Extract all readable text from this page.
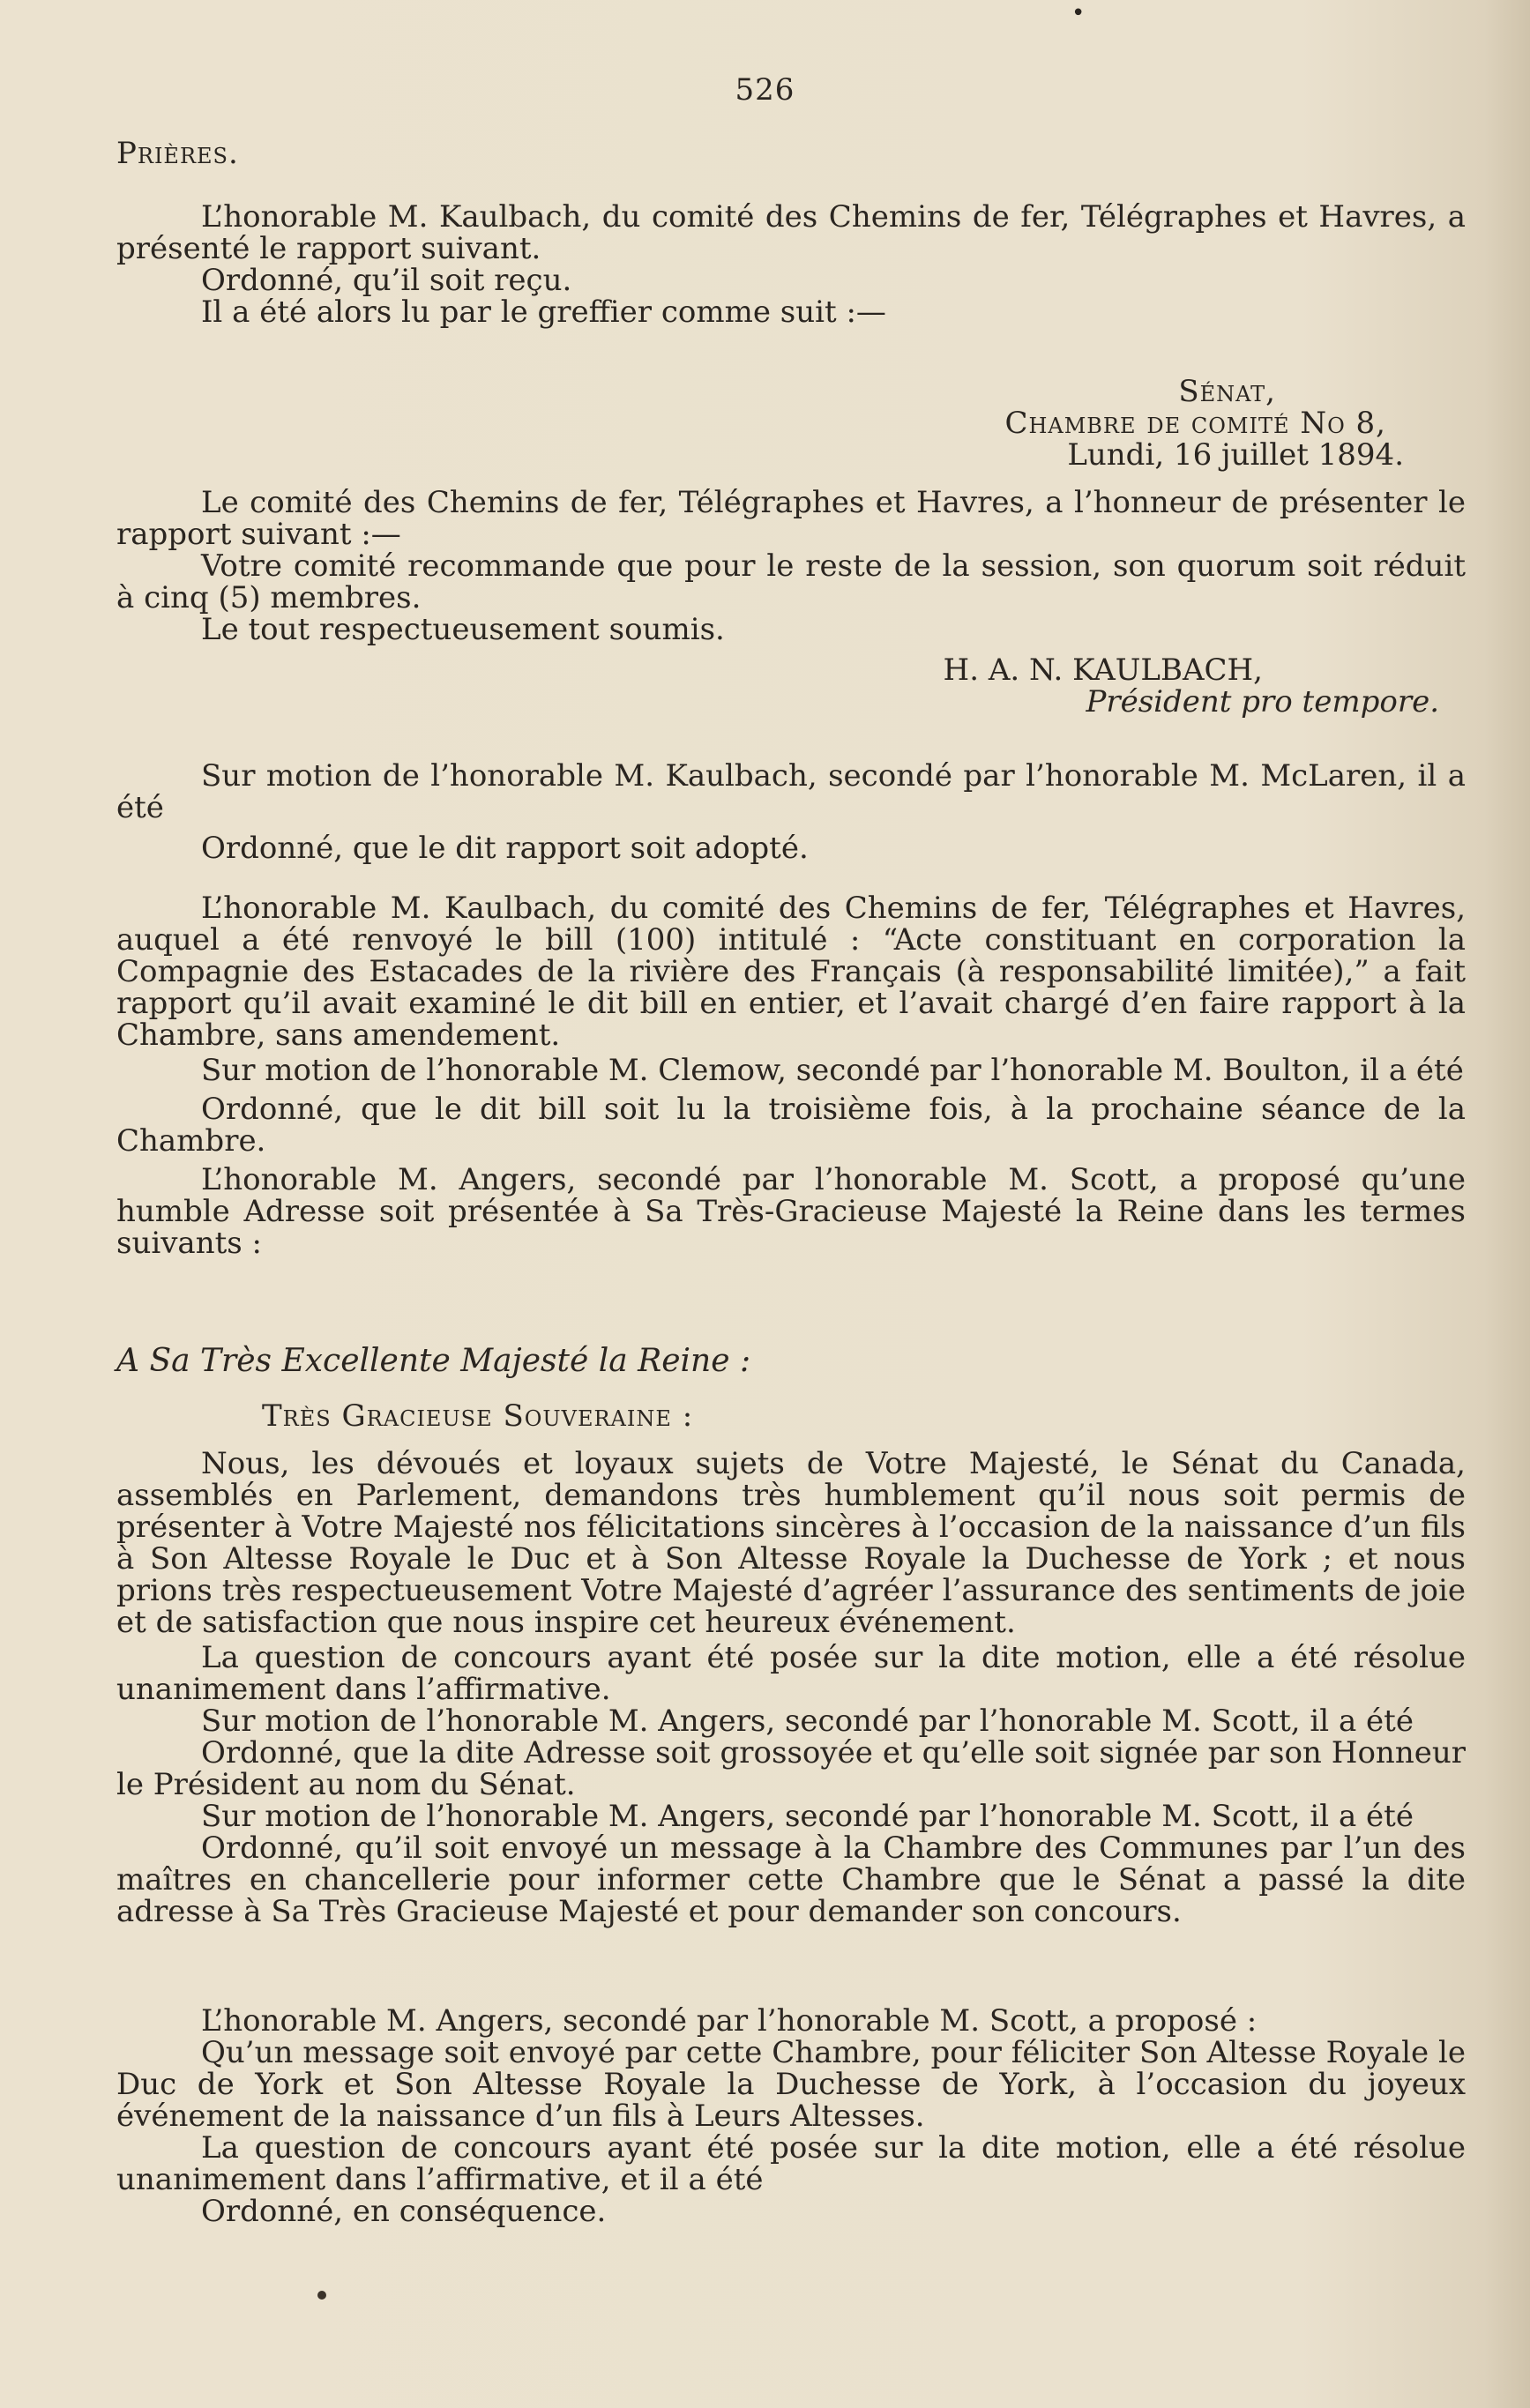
•
526

Prières.

L’honorable M. Kaulbach, du comité des Chemins de fer, Télégraphes et Havres, a présenté le rapport suivant.

Ordonné, qu’il soit reçu.

Il a été alors lu par le greffier comme suit :—

Sénat,

Chambre de comité No 8,

Lundi, 16 juillet 1894.

Le comité des Chemins de fer, Télégraphes et Havres, a l’honneur de présenter le rapport suivant :—

Votre comité recommande que pour le reste de la session, son quorum soit réduit à cinq (5) membres.

Le tout respectueusement soumis.

H. A. N. KAULBACH,

Président pro tempore.

Sur motion de l’honorable M. Kaulbach, secondé par l’honorable M. McLaren, il a été

Ordonné, que le dit rapport soit adopté.

L’honorable M. Kaulbach, du comité des Chemins de fer, Télégraphes et Havres, auquel a été renvoyé le bill (100) intitulé : “Acte constituant en corporation la Compagnie des Estacades de la rivière des Français (à responsabilité limitée),” a fait rapport qu’il avait examiné le dit bill en entier, et l’avait chargé d’en faire rapport à la Chambre, sans amendement.

Sur motion de l’honorable M. Clemow, secondé par l’honorable M. Boulton, il a été

Ordonné, que le dit bill soit lu la troisième fois, à la prochaine séance de la Chambre.

L’honorable M. Angers, secondé par l’honorable M. Scott, a proposé qu’une humble Adresse soit présentée à Sa Très-Gracieuse Majesté la Reine dans les termes suivants :

A Sa Très Excellente Majesté la Reine :

Très Gracieuse Souveraine :

Nous, les dévoués et loyaux sujets de Votre Majesté, le Sénat du Canada, assemblés en Parlement, demandons très humblement qu’il nous soit permis de présenter à Votre Majesté nos félicitations sincères à l’occasion de la naissance d’un fils à Son Altesse Royale le Duc et à Son Altesse Royale la Duchesse de York ; et nous prions très respectueusement Votre Majesté d’agréer l’assurance des sentiments de joie et de satisfaction que nous inspire cet heureux événement.

La question de concours ayant été posée sur la dite motion, elle a été résolue unanimement dans l’affirmative.

Sur motion de l’honorable M. Angers, secondé par l’honorable M. Scott, il a été

Ordonné, que la dite Adresse soit grossoyée et qu’elle soit signée par son Honneur le Président au nom du Sénat.

Sur motion de l’honorable M. Angers, secondé par l’honorable M. Scott, il a été

Ordonné, qu’il soit envoyé un message à la Chambre des Communes par l’un des maîtres en chancellerie pour informer cette Chambre que le Sénat a passé la dite adresse à Sa Très Gracieuse Majesté et pour demander son concours.

L’honorable M. Angers, secondé par l’honorable M. Scott, a proposé :

Qu’un message soit envoyé par cette Chambre, pour féliciter Son Altesse Royale le Duc de York et Son Altesse Royale la Duchesse de York, à l’occasion du joyeux événement de la naissance d’un fils à Leurs Altesses.

La question de concours ayant été posée sur la dite motion, elle a été résolue unanimement dans l’affirmative, et il a été

Ordonné, en conséquence.
